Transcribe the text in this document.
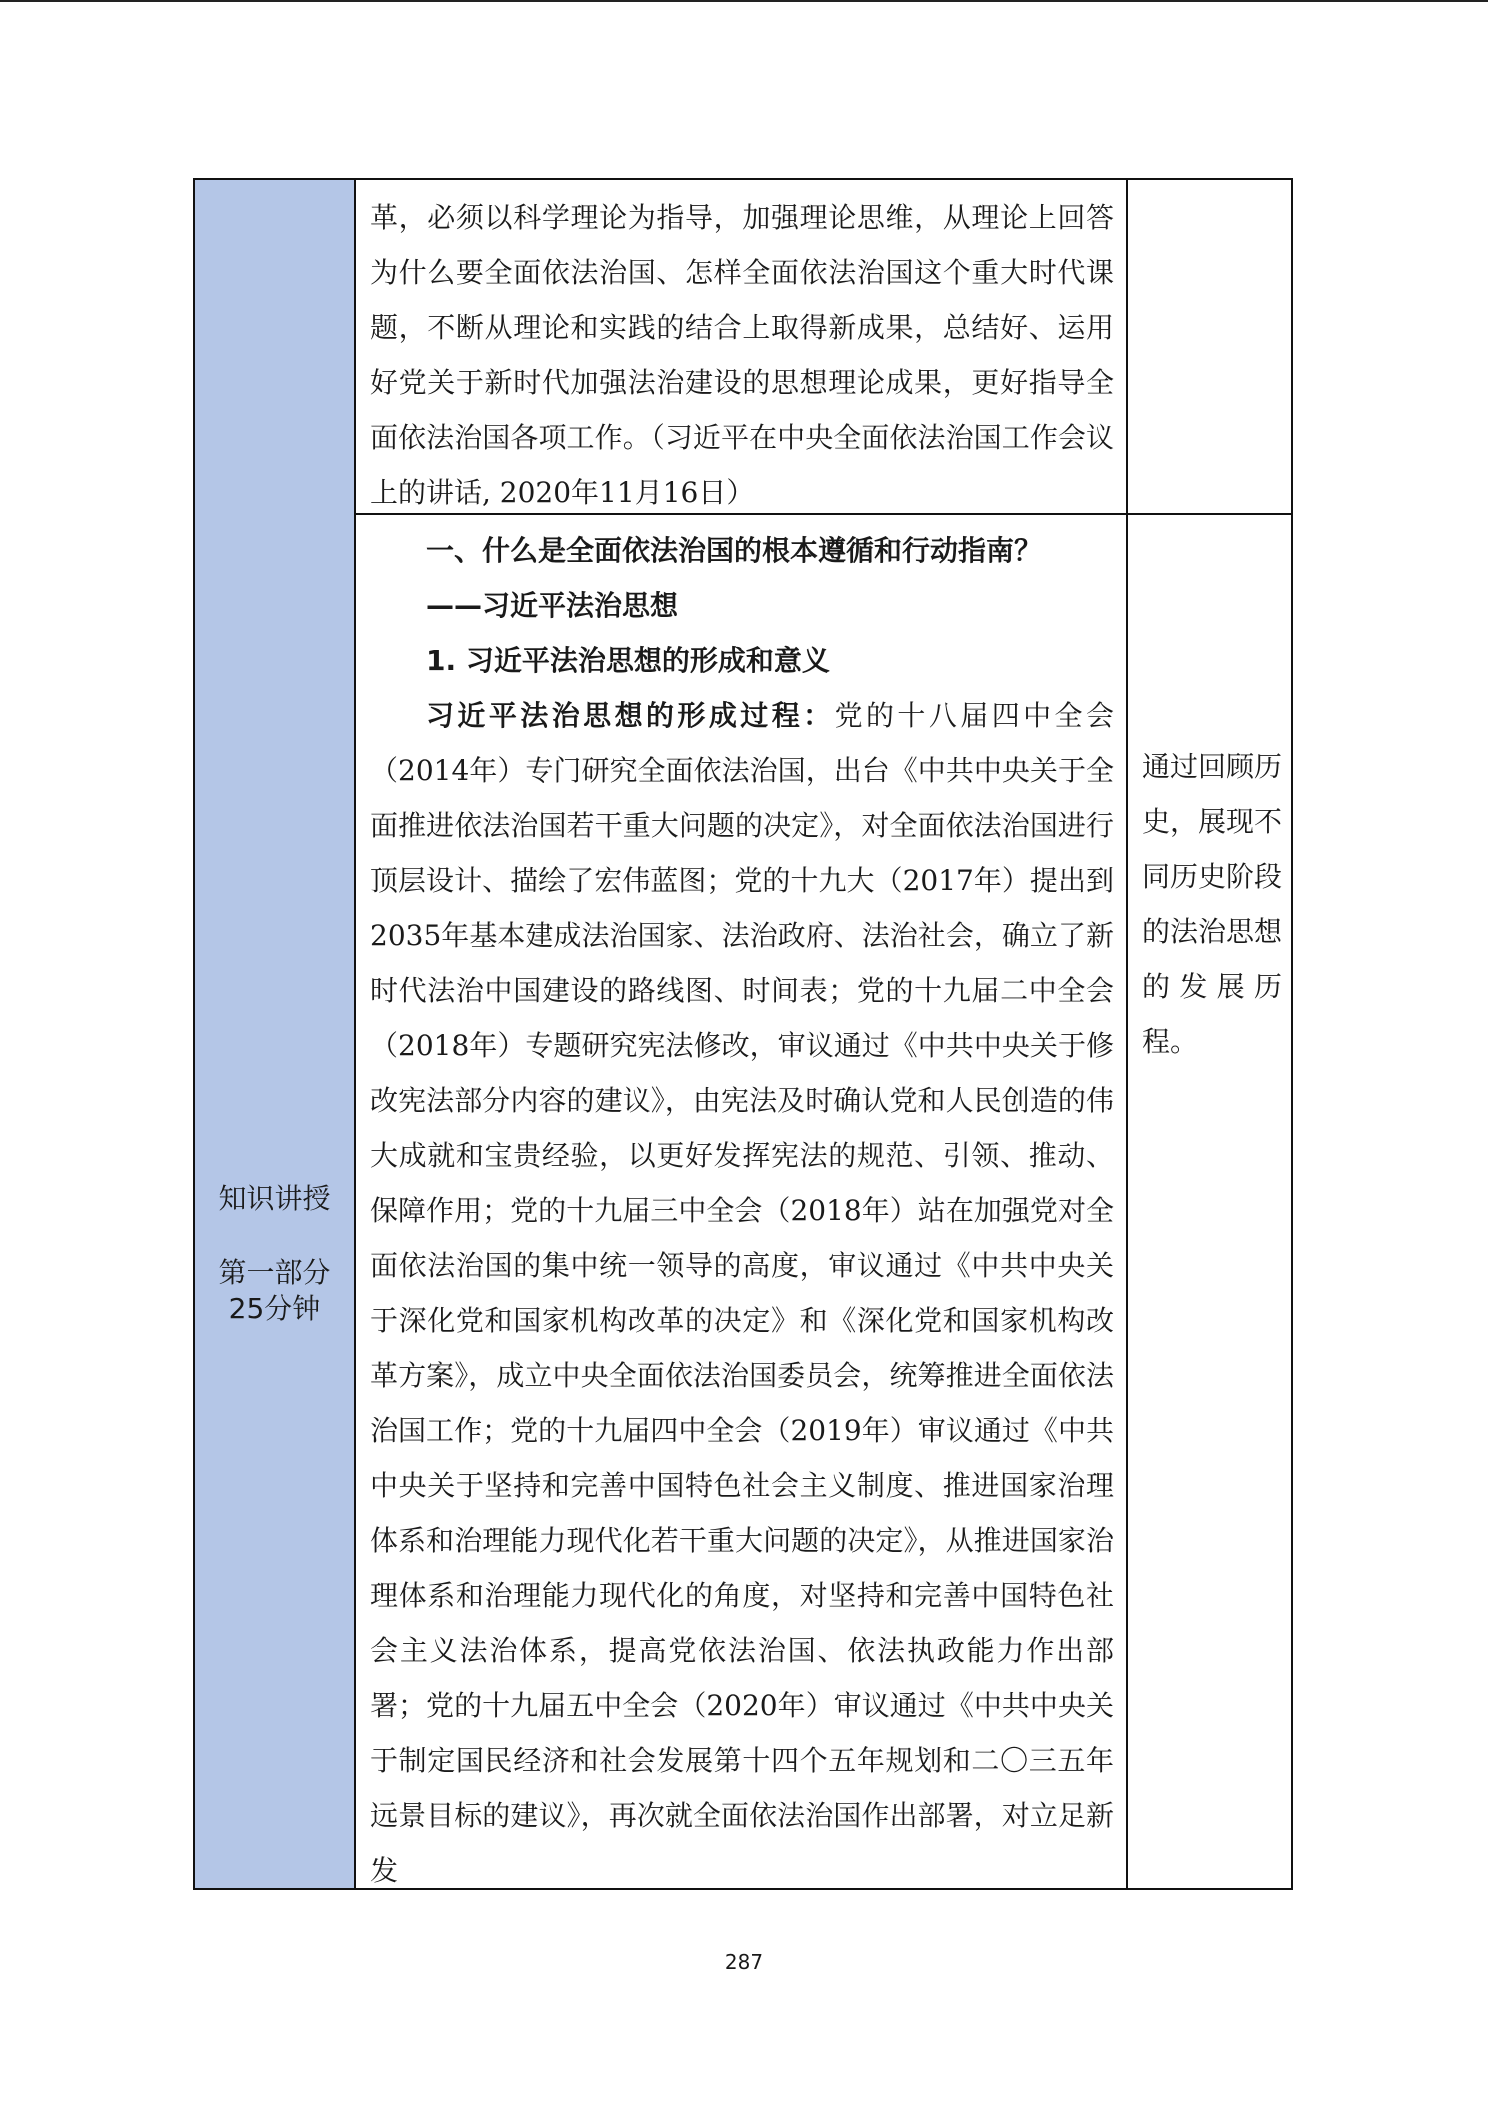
革，必须以科学理论为指导，加强理论思维，从理论上回答为什么要全面依法治国、怎样全面依法治国这个重大时代课题，不断从理论和实践的结合上取得新成果，总结好、运用好党关于新时代加强法治建设的思想理论成果，更好指导全面依法治国各项工作。（习近平在中央全面依法治国工作会议上的讲话, 2020年11月16日）

知识讲授
第一部分
25分钟

一、什么是全面依法治国的根本遵循和行动指南？

——习近平法治思想

1. 习近平法治思想的形成和意义

习近平法治思想的形成过程：党的十八届四中全会（2014年）专门研究全面依法治国，出台《中共中央关于全面推进依法治国若干重大问题的决定》，对全面依法治国进行顶层设计、描绘了宏伟蓝图；党的十九大（2017年）提出到2035年基本建成法治国家、法治政府、法治社会，确立了新时代法治中国建设的路线图、时间表；党的十九届二中全会（2018年）专题研究宪法修改，审议通过《中共中央关于修改宪法部分内容的建议》，由宪法及时确认党和人民创造的伟大成就和宝贵经验，以更好发挥宪法的规范、引领、推动、保障作用；党的十九届三中全会（2018年）站在加强党对全面依法治国的集中统一领导的高度，审议通过《中共中央关于深化党和国家机构改革的决定》和《深化党和国家机构改革方案》，成立中央全面依法治国委员会，统筹推进全面依法治国工作；党的十九届四中全会（2019年）审议通过《中共中央关于坚持和完善中国特色社会主义制度、推进国家治理体系和治理能力现代化若干重大问题的决定》，从推进国家治理体系和治理能力现代化的角度，对坚持和完善中国特色社会主义法治体系，提高党依法治国、依法执政能力作出部署；党的十九届五中全会（2020年）审议通过《中共中央关于制定国民经济和社会发展第十四个五年规划和二〇三五年远景目标的建议》，再次就全面依法治国作出部署，对立足新发

通过回顾历史，展现不同历史阶段的法治思想的发展历程。
287
